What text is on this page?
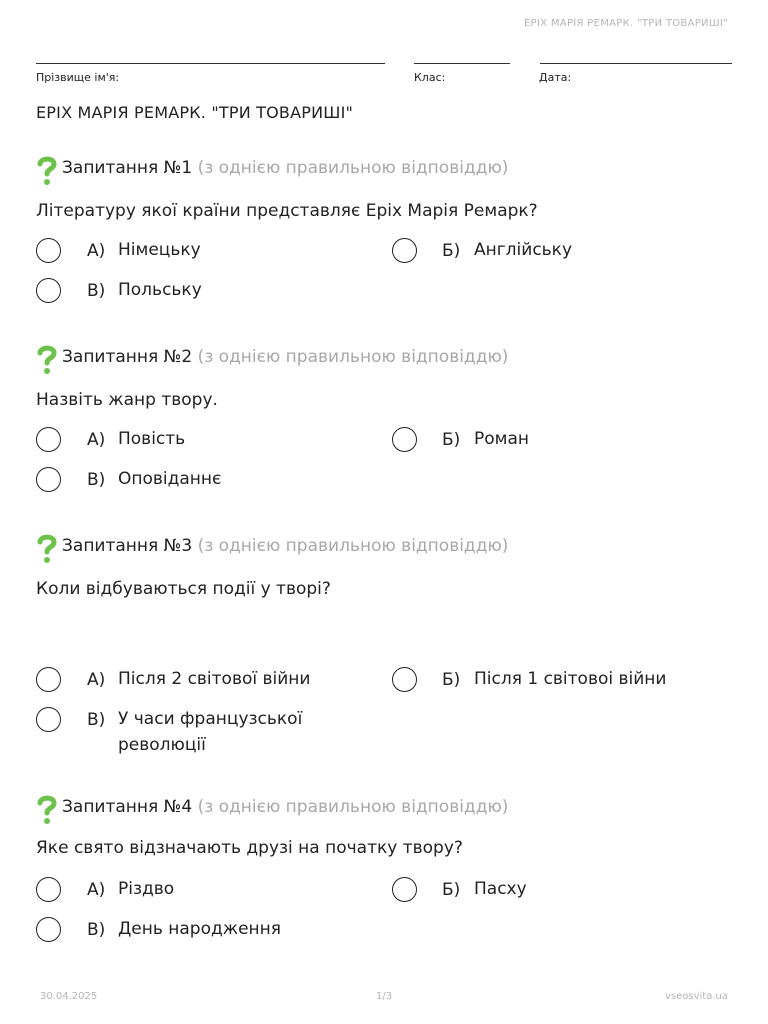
ЕРІХ МАРІЯ РЕМАРК. "ТРИ ТОВАРИШІ"
Прізвище ім'я:	Клас:	Дата:
ЕРІХ МАРІЯ РЕМАРК. "ТРИ ТОВАРИШІ"
Запитання №1 (з однією правильною відповіддю)
Літературу якої країни представляє Еріх Марія Ремарк?
А) Німецьку	Б) Англійську
В) Польську
Запитання №2 (з однією правильною відповіддю)
Назвіть жанр твору.
А) Повість	Б) Роман
В) Оповіданнє
Запитання №3 (з однією правильною відповіддю)
Коли відбуваються події у творі?
А) Після 2 світової війни	Б) Після 1 світовоі війни
В) У часи французської революції
Запитання №4 (з однією правильною відповіддю)
Яке свято відзначають друзі на початку твору?
А) Різдво	Б) Пасху
В) День народження
30.04.2025	1/3	vseosvita.ua
